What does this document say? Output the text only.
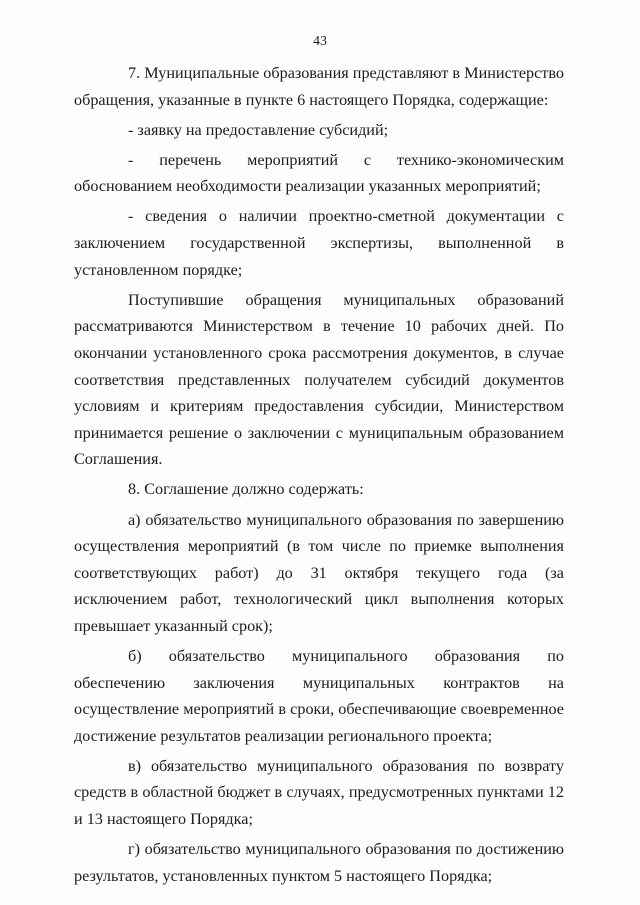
43

7. Муниципальные образования представляют в Министерство обращения, указанные в пункте 6 настоящего Порядка, содержащие:

- заявку на предоставление субсидий;

- перечень мероприятий с технико-экономическим обоснованием необходимости реализации указанных мероприятий;

- сведения о наличии проектно-сметной документации с заключением государственной экспертизы, выполненной в установленном порядке;

Поступившие обращения муниципальных образований рассматриваются Министерством в течение 10 рабочих дней. По окончании установленного срока рассмотрения документов, в случае соответствия представленных получателем субсидий документов условиям и критериям предоставления субсидии, Министерством принимается решение о заключении с муниципальным образованием Соглашения.

8. Соглашение должно содержать:

а) обязательство муниципального образования по завершению осуществления мероприятий (в том числе по приемке выполнения соответствующих работ) до 31 октября текущего года (за исключением работ, технологический цикл выполнения которых превышает указанный срок);

б) обязательство муниципального образования по обеспечению заключения муниципальных контрактов на осуществление мероприятий в сроки, обеспечивающие своевременное достижение результатов реализации регионального проекта;

в) обязательство муниципального образования по возврату средств в областной бюджет в случаях, предусмотренных пунктами 12 и 13 настоящего Порядка;

г) обязательство муниципального образования по достижению результатов, установленных пунктом 5 настоящего Порядка;
